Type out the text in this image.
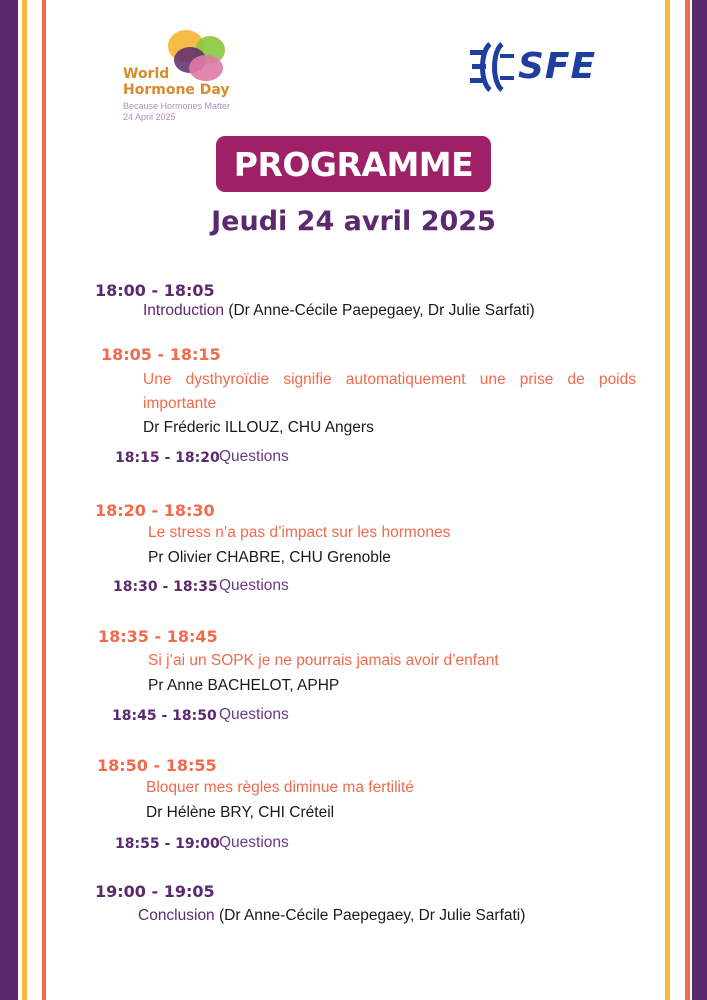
World
Hormone Day
Because Hormones Matter
24 April 2025
SFE
PROGRAMME
Jeudi 24 avril 2025
18:00 - 18:05
Introduction (Dr Anne-Cécile Paepegaey, Dr Julie Sarfati)
18:05 - 18:15
Une dysthyroïdie signifie automatiquement une prise de poids importante
Dr Fréderic ILLOUZ, CHU Angers
18:15 - 18:20 Questions
18:20 - 18:30
Le stress n’a pas d’impact sur les hormones
Pr Olivier CHABRE, CHU Grenoble
18:30 - 18:35 Questions
18:35 - 18:45
Si j’ai un SOPK je ne pourrais jamais avoir d’enfant
Pr Anne BACHELOT, APHP
18:45 - 18:50 Questions
18:50 - 18:55
Bloquer mes règles diminue ma fertilité
Dr Hélène BRY, CHI Créteil
18:55 - 19:00 Questions
19:00 - 19:05
Conclusion (Dr Anne-Cécile Paepegaey, Dr Julie Sarfati)
